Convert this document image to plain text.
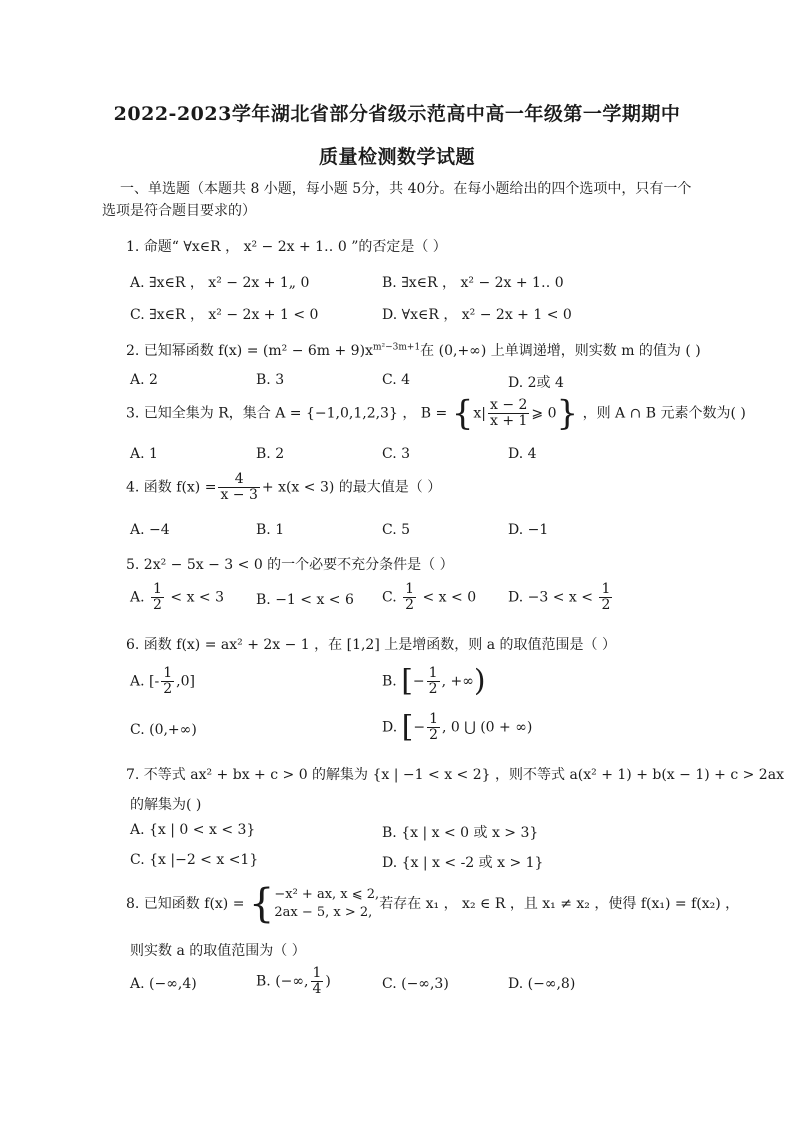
2022-2023学年湖北省部分省级示范高中高一年级第一学期期中
质量检测数学试题
一、单选题（本题共 8 小题，每小题 5分，共 40分。在每小题给出的四个选项中，只有一个
选项是符合题目要求的）
1. 命题“ ∀x∈R ， x² − 2x + 1‥ 0 ”的否定是（ ）
A. ∃x∈R ， x² − 2x + 1„ 0	B. ∃x∈R ， x² − 2x + 1‥ 0
C. ∃x∈R ， x² − 2x + 1 < 0	D. ∀x∈R ， x² − 2x + 1 < 0
2. 已知幂函数 $f(x) = (m^2 - 6m + 9)x^{m^2-3m+1}$在 (0,+∞) 上单调递增，则实数 m 的值为 ( )
A. 2	B. 3	C. 4	D. 2或 4
3. 已知全集为 R，集合 A = {−1,0,1,2,3} ， $B = \{x| \frac{x - 2}{x + 1}$ ⩾ 0} ，则 A ∩ B 元素个数为( )
A. 1	B. 2	C. 3	D. 4
4. 函数 $f(x) = \frac{4}{x - 3} + x(x < 3)$ 的最大值是（ ）
A. −4	B. 1	C. 5	D. −1
5. 2x² − 5x − 3 < 0 的一个必要不充分条件是（ ）
A. $\frac{1}{2} < x < 3$ B. −1 < x < 6 C. $\frac{1}{2} < x < 0$ D. $-3 < x < \frac{1}{2}$
6. 函数 f(x) = ax² + 2x − 1 ，在 [1,2] 上是增函数，则 a 的取值范围是（ ）
A. [- $\frac{1}{2} ,0$]	B. [− $\frac{1}{2}$ , +∞)
C. (0,+∞)	D. [− $\frac{1}{2}$ , 0 ⋃ (0 + ∞)
7. 不等式 ax² + bx + c > 0 的解集为 {x | −1 < x < 2} ，则不等式 a(x² + 1) + b(x − 1) + c > 2ax
的解集为( )
A. {x | 0 < x < 3}	B. {x | x < 0 或 x > 3}
C. {x |−2 < x <1}	D. {x | x < -2 或 x > 1}
8. 已知函数 f(x) = { −x² + ax, x ⩽ 2,
2ax − 5, x > 2,
若存在 x₁ ， x₂ ∈ R ，且 x₁ ≠ x₂ ，使得 f(x₁) = f(x₂) ，
则实数 a 的取值范围为（ ）
A. (−∞,4)	B. (−∞, $\frac{1}{4}$ )	C. (−∞,3)	D. (−∞,8)
